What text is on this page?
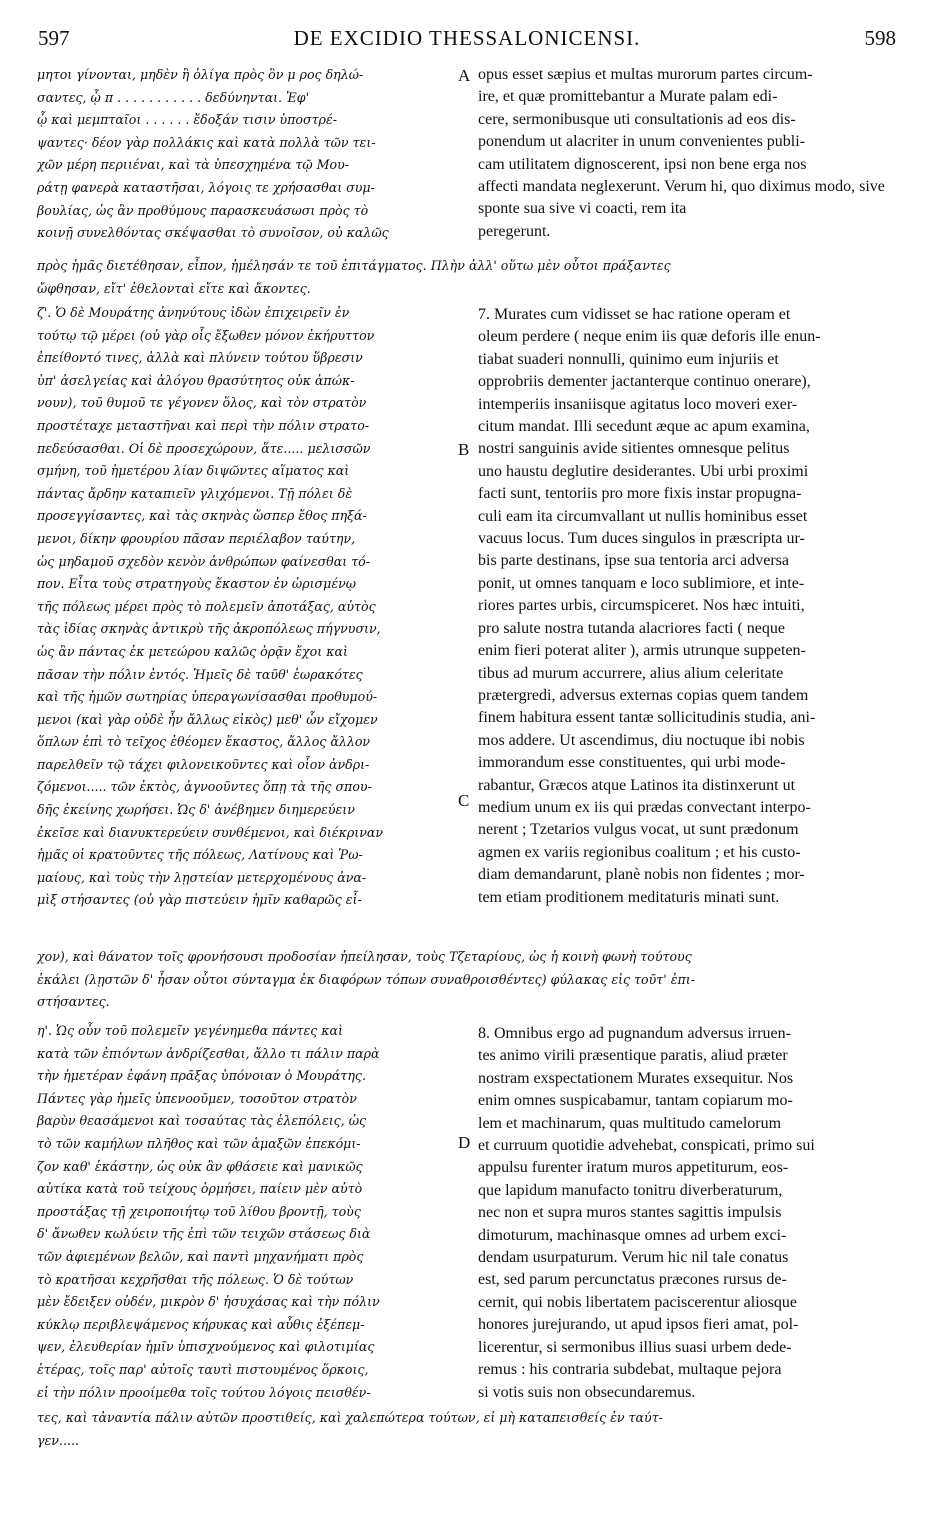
597	DE EXCIDIO THESSALONICENSI.	598

μητοι γίνονται, μηδὲν ἢ ὀλίγα πρὸς ὃν μ ρος δηλώ-
σαντες, ᾧ π . . . . . . . . . . . δεδύνηνται. Ἐφ'
ᾧ καὶ μεμπταῖοι . . . . . . ἔδοξάν τισιν ὑποστρέ-
ψαντες· δέον γὰρ πολλάκις καὶ κατὰ πολλὰ τῶν τει-
χῶν μέρη περιιέναι, καὶ τὰ ὑπεσχημένα τῷ Μου-
ράτῃ φανερὰ καταστῆσαι, λόγοις τε χρήσασθαι συμ-
βουλίας, ὡς ἂν προθύμους παρασκευάσωσι πρὸς τὸ
κοινῇ συνελθόντας σκέψασθαι τὸ συνοῖσον, οὐ καλῶς

opus esset sæpius et multas murorum partes circum-
ire, et quæ promittebantur a Murate palam edi-
cere, sermonibusque uti consultationis ad eos dis-
ponendum ut alacriter in unum convenientes publi-
cam utilitatem dignoscerent, ipsi non bene erga nos
affecti mandata neglexerunt. Verum hi, quo diximus modo, sive sponte sua sive vi coacti, rem ita
peregerunt.

A

πρὸς ἡμᾶς διετέθησαν, εἶπον, ἠμέλησάν τε τοῦ ἐπιτάγματος. Πλὴν ἀλλ' οὕτω μὲν οὗτοι πράξαντες
ὤφθησαν, εἴτ' ἐθελονταὶ εἴτε καὶ ἄκοντες.

ζ'. Ὁ δὲ Μουράτης ἀνηνύτους ἰδὼν ἐπιχειρεῖν ἐν
τούτῳ τῷ μέρει (οὐ γὰρ οἷς ἔξωθεν μόνον ἐκήρυττον
ἐπείθοντό τινες, ἀλλὰ καὶ πλύνειν τούτου ὕβρεσιν
ὑπ' ἀσελγείας καὶ ἀλόγου θρασύτητος οὐκ ἀπώκ-
νουν), τοῦ θυμοῦ τε γέγονεν ὅλος, καὶ τὸν στρατὸν
προστέταχε μεταστῆναι καὶ περὶ τὴν πόλιν στρατο-
πεδεύσασθαι. Οἱ δὲ προσεχώρουν, ἅτε..... μελισσῶν
σμήνη, τοῦ ἡμετέρου λίαν διψῶντες αἵματος καὶ
πάντας ἄρδην καταπιεῖν γλιχόμενοι. Τῇ πόλει δὲ
προσεγγίσαντες, καὶ τὰς σκηνὰς ὥσπερ ἔθος πηξά-
μενοι, δίκην φρουρίου πᾶσαν περιέλαβον ταύτην,
ὡς μηδαμοῦ σχεδὸν κενὸν ἀνθρώπων φαίνεσθαι τό-
πον. Εἶτα τοὺς στρατηγοὺς ἕκαστον ἐν ὡρισμένῳ
τῆς πόλεως μέρει πρὸς τὸ πολεμεῖν ἀποτάξας, αὐτὸς
τὰς ἰδίας σκηνὰς ἀντικρὺ τῆς ἀκροπόλεως πήγνυσιν,
ὡς ἂν πάντας ἐκ μετεώρου καλῶς ὁρᾷν ἔχοι καὶ
πᾶσαν τὴν πόλιν ἐντός. Ἡμεῖς δὲ ταῦθ' ἑωρακότες
καὶ τῆς ἡμῶν σωτηρίας ὑπεραγωνίσασθαι προθυμού-
μενοι (καὶ γὰρ οὐδὲ ἦν ἄλλως εἰκὸς) μεθ' ὧν εἴχομεν
ὅπλων ἐπὶ τὸ τεῖχος ἐθέομεν ἕκαστος, ἄλλος ἄλλον
παρελθεῖν τῷ τάχει φιλονεικοῦντες καὶ οἷον ἀνδρι-
ζόμενοι..... τῶν ἐκτὸς, ἀγνοοῦντες ὅπῃ τὰ τῆς σπου-
δῆς ἐκείνης χωρήσει. Ὡς δ' ἀνέβημεν διημερεύειν
ἐκεῖσε καὶ διανυκτερεύειν συνθέμενοι, καὶ διέκριναν
ἡμᾶς οἱ κρατοῦντες τῆς πόλεως, Λατίνους καὶ Ῥω-
μαίους, καὶ τοὺς τὴν λῃστείαν μετερχομένους ἀνα-
μὶξ στήσαντες (οὐ γὰρ πιστεύειν ἡμῖν καθαρῶς εἶ-

7. Murates cum vidisset se hac ratione operam et
oleum perdere ( neque enim iis quæ deforis ille enun-
tiabat suaderi nonnulli, quinimo eum injuriis et
opprobriis dementer jactanterque continuo onerare),
intemperiis insaniisque agitatus loco moveri exer-
citum mandat. Illi secedunt æque ac apum examina,
nostri sanguinis avide sitientes omnesque pelitus
uno haustu deglutire desiderantes. Ubi urbi proximi
facti sunt, tentoriis pro more fixis instar propugna-
culi eam ita circumvallant ut nullis hominibus esset
vacuus locus. Tum duces singulos in præscripta ur-
bis parte destinans, ipse sua tentoria arci adversa
ponit, ut omnes tanquam e loco sublimiore, et inte-
riores partes urbis, circumspiceret. Nos hæc intuiti,
pro salute nostra tutanda alacriores facti ( neque
enim fieri poterat aliter ), armis utrunque suppeten-
tibus ad murum accurrere, alius alium celeritate
prætergredi, adversus externas copias quem tandem
finem habitura essent tantæ sollicitudinis studia, ani-
mos addere. Ut ascendimus, diu noctuque ibi nobis
immorandum esse constituentes, qui urbi mode-
rabantur, Græcos atque Latinos ita distinxerunt ut
medium unum ex iis qui prædas convectant interpo-
nerent ; Tzetarios vulgus vocat, ut sunt prædonum
agmen ex variis regionibus coalitum ; et his custo-
diam demandarunt, planè nobis non fidentes ; mor-
tem etiam proditionem meditaturis minati sunt.

B
C

χον), καὶ θάνατον τοῖς φρονήσουσι προδοσίαν ἠπείλησαν, τοὺς Τζεταρίους, ὡς ἡ κοινὴ φωνὴ τούτους
ἐκάλει (λῃστῶν δ' ἦσαν οὗτοι σύνταγμα ἐκ διαφόρων τόπων συναθροισθέντες) φύλακας εἰς τοῦτ' ἐπι-
στήσαντες.

η'. Ὡς οὖν τοῦ πολεμεῖν γεγένημεθα πάντες καὶ
κατὰ τῶν ἐπιόντων ἀνδρίζεσθαι, ἄλλο τι πάλιν παρὰ
τὴν ἡμετέραν ἐφάνη πρᾶξας ὑπόνοιαν ὁ Μουράτης.
Πάντες γὰρ ἡμεῖς ὑπενοοῦμεν, τοσοῦτον στρατὸν
βαρὺν θεασάμενοι καὶ τοσαύτας τὰς ἑλεπόλεις, ὡς
τὸ τῶν καμήλων πλῆθος καὶ τῶν ἁμαξῶν ἐπεκόμι-
ζον καθ' ἑκάστην, ὡς οὐκ ἂν φθάσειε καὶ μανικῶς
αὐτίκα κατὰ τοῦ τείχους ὁρμήσει, παίειν μὲν αὐτὸ
προστάξας τῇ χειροποιήτῳ τοῦ λίθου βροντῇ, τοὺς
δ' ἄνωθεν κωλύειν τῆς ἐπὶ τῶν τειχῶν στάσεως διὰ
τῶν ἀφιεμένων βελῶν, καὶ παντὶ μηχανήματι πρὸς
τὸ κρατῆσαι κεχρῆσθαι τῆς πόλεως. Ὁ δὲ τούτων
μὲν ἔδειξεν οὐδέν, μικρὸν δ' ἡσυχάσας καὶ τὴν πόλιν
κύκλῳ περιβλεψάμενος κήρυκας καὶ αὖθις ἐξέπεμ-
ψεν, ἐλευθερίαν ἡμῖν ὑπισχνούμενος καὶ φιλοτιμίας
ἑτέρας, τοῖς παρ' αὐτοῖς ταυτὶ πιστουμένος ὅρκοις,
εἰ τὴν πόλιν προοίμεθα τοῖς τούτου λόγοις πεισθέν-

8. Omnibus ergo ad pugnandum adversus irruen-
tes animo virili præsentique paratis, aliud præter
nostram exspectationem Murates exsequitur. Nos
enim omnes suspicabamur, tantam copiarum mo-
lem et machinarum, quas multitudo camelorum
et curruum quotidie advehebat, conspicati, primo sui
appulsu furenter iratum muros appetiturum, eos-
que lapidum manufacto tonitru diverberaturum,
nec non et supra muros stantes sagittis impulsis
dimoturum, machinasque omnes ad urbem exci-
dendam usurpaturum. Verum hic nil tale conatus
est, sed parum percunctatus præcones rursus de-
cernit, qui nobis libertatem paciscerentur aliosque
honores jurejurando, ut apud ipsos fieri amat, pol-
licerentur, si sermonibus illius suasi urbem dede-
remus : his contraria subdebat, multaque pejora
si votis suis non obsecundaremus.

D

τες, καὶ τἀναντία πάλιν αὐτῶν προστιθείς, καὶ χαλεπώτερα τούτων, εἰ μὴ καταπεισθείς ἐν ταύτ-
γεν.....
